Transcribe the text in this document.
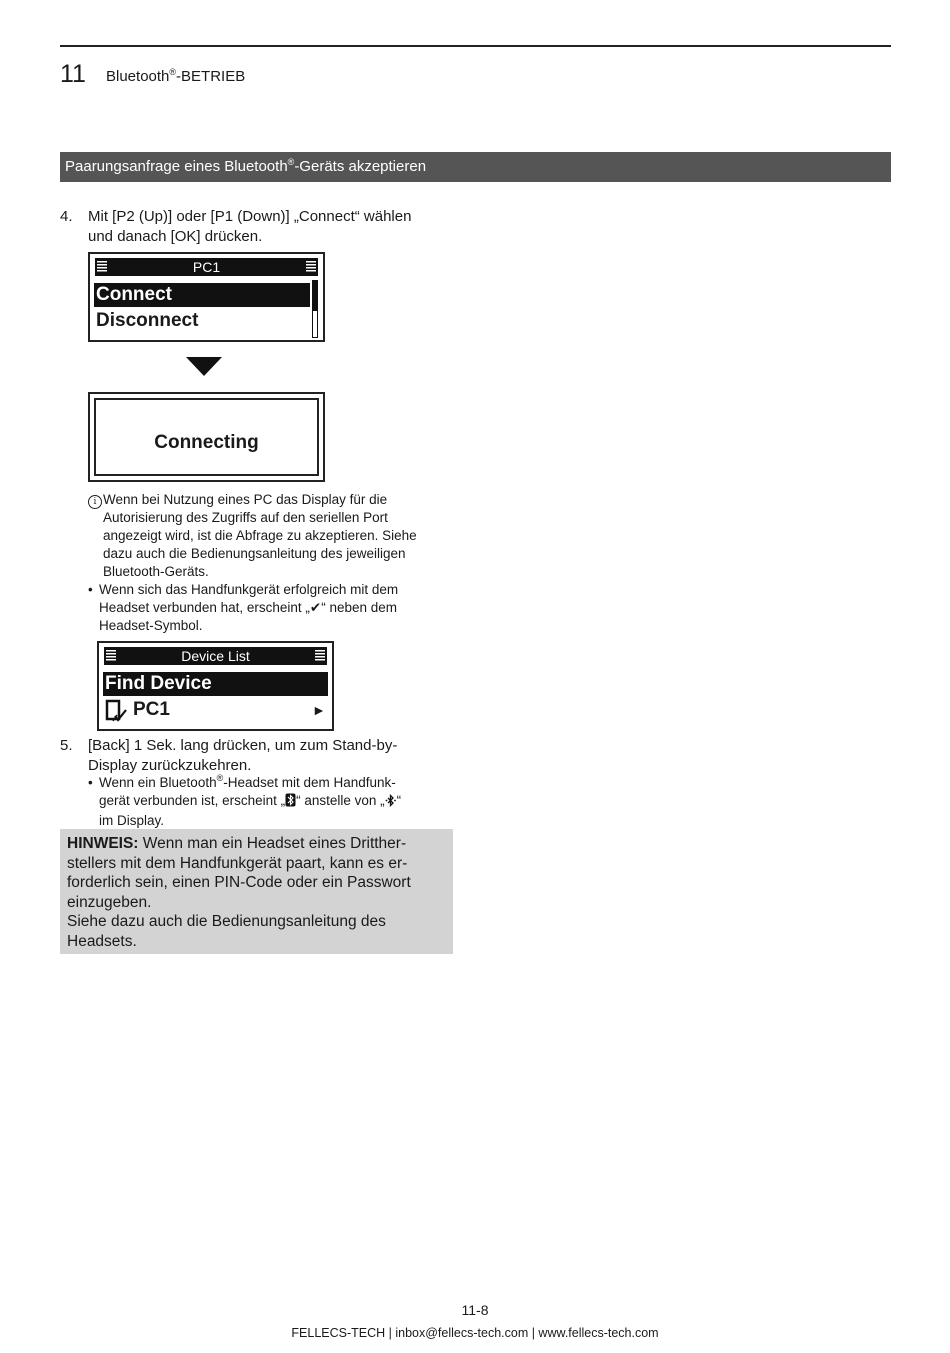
11 Bluetooth®-BETRIEB
Paarungsanfrage eines Bluetooth®-Geräts akzeptieren
4. Mit [P2 (Up)] oder [P1 (Down)] „Connect“ wählen
und danach [OK] drücken.
PC1
Connect
Disconnect
Connecting
i Wenn bei Nutzung eines PC das Display für die
Autorisierung des Zugriffs auf den seriellen Port
angezeigt wird, ist die Abfrage zu akzeptieren. Siehe
dazu auch die Bedienungsanleitung des jeweiligen
Bluetooth-Geräts.
• Wenn sich das Handfunkgerät erfolgreich mit dem
Headset verbunden hat, erscheint „✔“ neben dem
Headset-Symbol.
Device List
Find Device
PC1	►
5. [Back] 1 Sek. lang drücken, um zum Stand-by-
Display zurückzukehren.
• Wenn ein Bluetooth®-Headset mit dem Handfunk-
gerät verbunden ist, erscheint „ “ anstelle von „ “
im Display.
HINWEIS: Wenn man ein Headset eines Dritther-
stellers mit dem Handfunkgerät paart, kann es er-
forderlich sein, einen PIN-Code oder ein Passwort
einzugeben.
Siehe dazu auch die Bedienungsanleitung des
Headsets.
11-8
FELLECS-TECH | inbox@fellecs-tech.com | www.fellecs-tech.com
